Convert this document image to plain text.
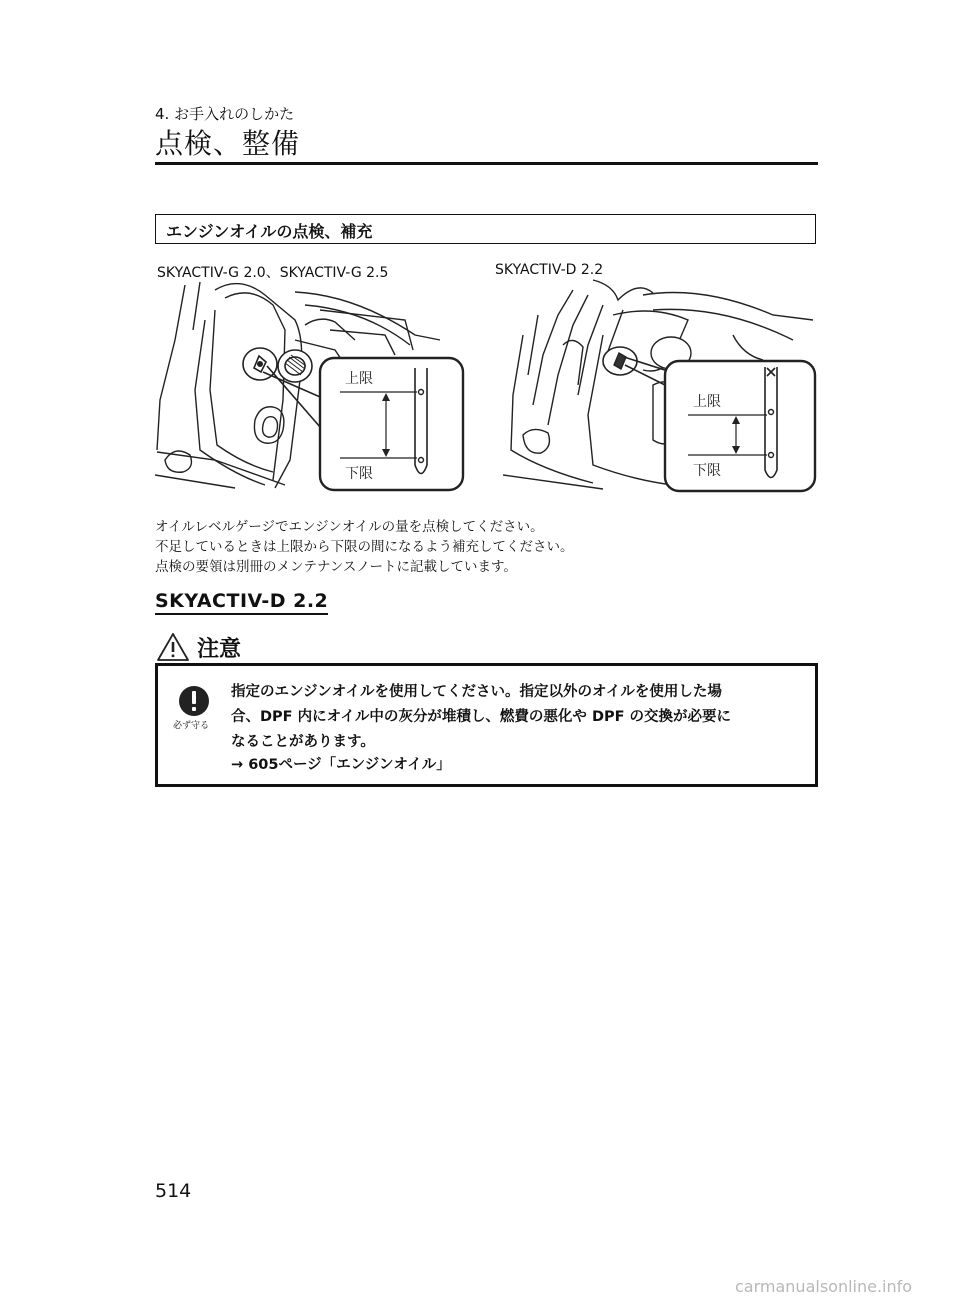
4. お手入れのしかた
点検、整備
エンジンオイルの点検、補充
SKYACTIV-G 2.0、SKYACTIV-G 2.5	SKYACTIV-D 2.2
上限
下限
上限
下限
オイルレベルゲージでエンジンオイルの量を点検してください。
不足しているときは上限から下限の間になるよう補充してください。
点検の要領は別冊のメンテナンスノートに記載しています。
SKYACTIV-D 2.2
注意
必ず守る
指定のエンジンオイルを使用してください。指定以外のオイルを使用した場
合、DPF 内にオイル中の灰分が堆積し、燃費の悪化や DPF の交換が必要に
なることがあります。
→ 605ページ「エンジンオイル」
514
carmanualsonline.info
